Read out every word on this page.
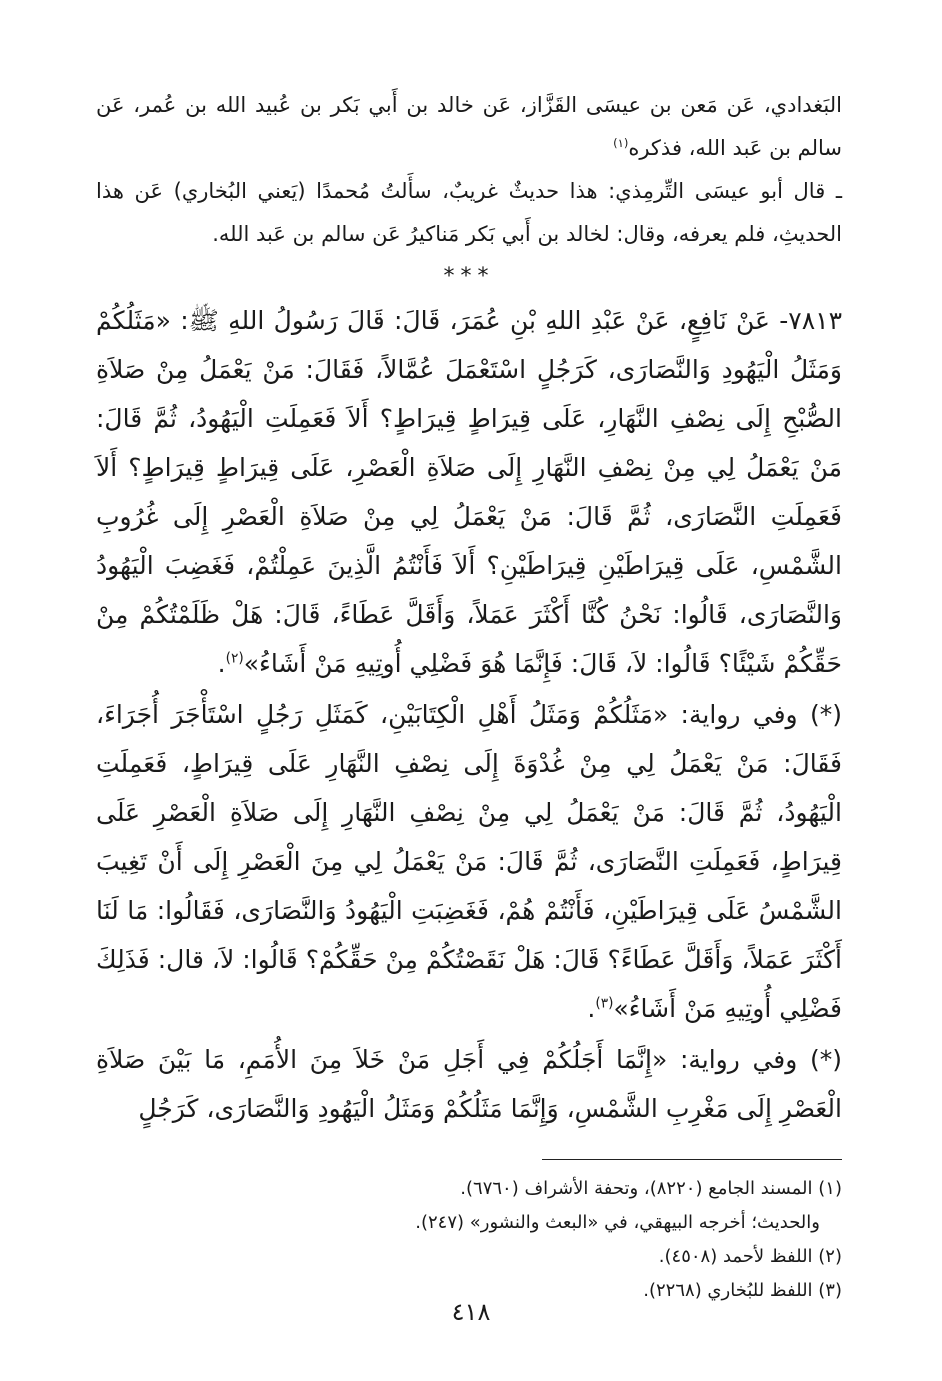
البَغدادي، عَن مَعن بن عيسَى القَزَّاز، عَن خالد بن أَبي بَكر بن عُبيد الله بن عُمر، عَن سالم بن عَبد الله، فذكره$^{(١)}$

ـ قال أبو عيسَى التِّرمِذي: هذا حديثٌ غريبٌ، سأَلتُ مُحمدًا (يَعني البُخاري) عَن هذا الحديثِ، فلم يعرفه، وقال: لخالد بن أَبي بَكر مَناكيرُ عَن سالم بن عَبد الله.

***

٧٨١٣- عَنْ نَافِعٍ، عَنْ عَبْدِ اللهِ بْنِ عُمَرَ، قَالَ: قَالَ رَسُولُ اللهِ ﷺ: «مَثَلُكُمْ وَمَثَلُ الْيَهُودِ وَالنَّصَارَى، كَرَجُلٍ اسْتَعْمَلَ عُمَّالاً، فَقَالَ: مَنْ يَعْمَلُ مِنْ صَلاَةِ الصُّبْحِ إِلَى نِصْفِ النَّهَارِ، عَلَى قِيرَاطٍ قِيرَاطٍ؟ أَلاَ فَعَمِلَتِ الْيَهُودُ، ثُمَّ قَالَ: مَنْ يَعْمَلُ لِي مِنْ نِصْفِ النَّهَارِ إِلَى صَلاَةِ الْعَصْرِ، عَلَى قِيرَاطٍ قِيرَاطٍ؟ أَلاَ فَعَمِلَتِ النَّصَارَى، ثُمَّ قَالَ: مَنْ يَعْمَلُ لِي مِنْ صَلاَةِ الْعَصْرِ إِلَى غُرُوبِ الشَّمْسِ، عَلَى قِيرَاطَيْنِ قِيرَاطَيْنِ؟ أَلاَ فَأَنْتُمُ الَّذِينَ عَمِلْتُمْ، فَغَضِبَ الْيَهُودُ وَالنَّصَارَى، قَالُوا: نَحْنُ كُنَّا أَكْثَرَ عَمَلاً، وَأَقَلَّ عَطَاءً، قَالَ: هَلْ ظَلَمْتُكُمْ مِنْ حَقِّكُمْ شَيْئًا؟ قَالُوا: لاَ، قَالَ: فَإِنَّمَا هُوَ فَضْلِي أُوتِيهِ مَنْ أَشَاءُ»$^{(٢)}$.

(*) وفي رواية: «مَثَلُكُمْ وَمَثَلُ أَهْلِ الْكِتَابَيْنِ، كَمَثَلِ رَجُلٍ اسْتَأْجَرَ أُجَرَاءَ، فَقَالَ: مَنْ يَعْمَلُ لِي مِنْ غُدْوَةَ إِلَى نِصْفِ النَّهَارِ عَلَى قِيرَاطٍ، فَعَمِلَتِ الْيَهُودُ، ثُمَّ قَالَ: مَنْ يَعْمَلُ لِي مِنْ نِصْفِ النَّهَارِ إِلَى صَلاَةِ الْعَصْرِ عَلَى قِيرَاطٍ، فَعَمِلَتِ النَّصَارَى، ثُمَّ قَالَ: مَنْ يَعْمَلُ لِي مِنَ الْعَصْرِ إِلَى أَنْ تَغِيبَ الشَّمْسُ عَلَى قِيرَاطَيْنِ، فَأَنْتُمْ هُمْ، فَغَضِبَتِ الْيَهُودُ وَالنَّصَارَى، فَقَالُوا: مَا لَنَا أَكْثَرَ عَمَلاً، وَأَقَلَّ عَطَاءً؟ قَالَ: هَلْ نَقَصْتُكُمْ مِنْ حَقِّكُمْ؟ قَالُوا: لاَ، قال: فَذَلِكَ فَضْلِي أُوتِيهِ مَنْ أَشَاءُ»$^{(٣)}$.

(*) وفي رواية: «إِنَّمَا أَجَلُكُمْ فِي أَجَلِ مَنْ خَلاَ مِنَ الأُمَمِ، مَا بَيْنَ صَلاَةِ الْعَصْرِ إِلَى مَغْرِبِ الشَّمْسِ، وَإِنَّمَا مَثَلُكُمْ وَمَثَلُ الْيَهُودِ وَالنَّصَارَى، كَرَجُلٍ

(١) المسند الجامع (٨٢٢٠)، وتحفة الأشراف (٦٧٦٠).

والحديث؛ أخرجه البيهقي، في «البعث والنشور» (٢٤٧).

(٢) اللفظ لأحمد (٤٥٠٨).

(٣) اللفظ للبُخاري (٢٢٦٨).

٤١٨
